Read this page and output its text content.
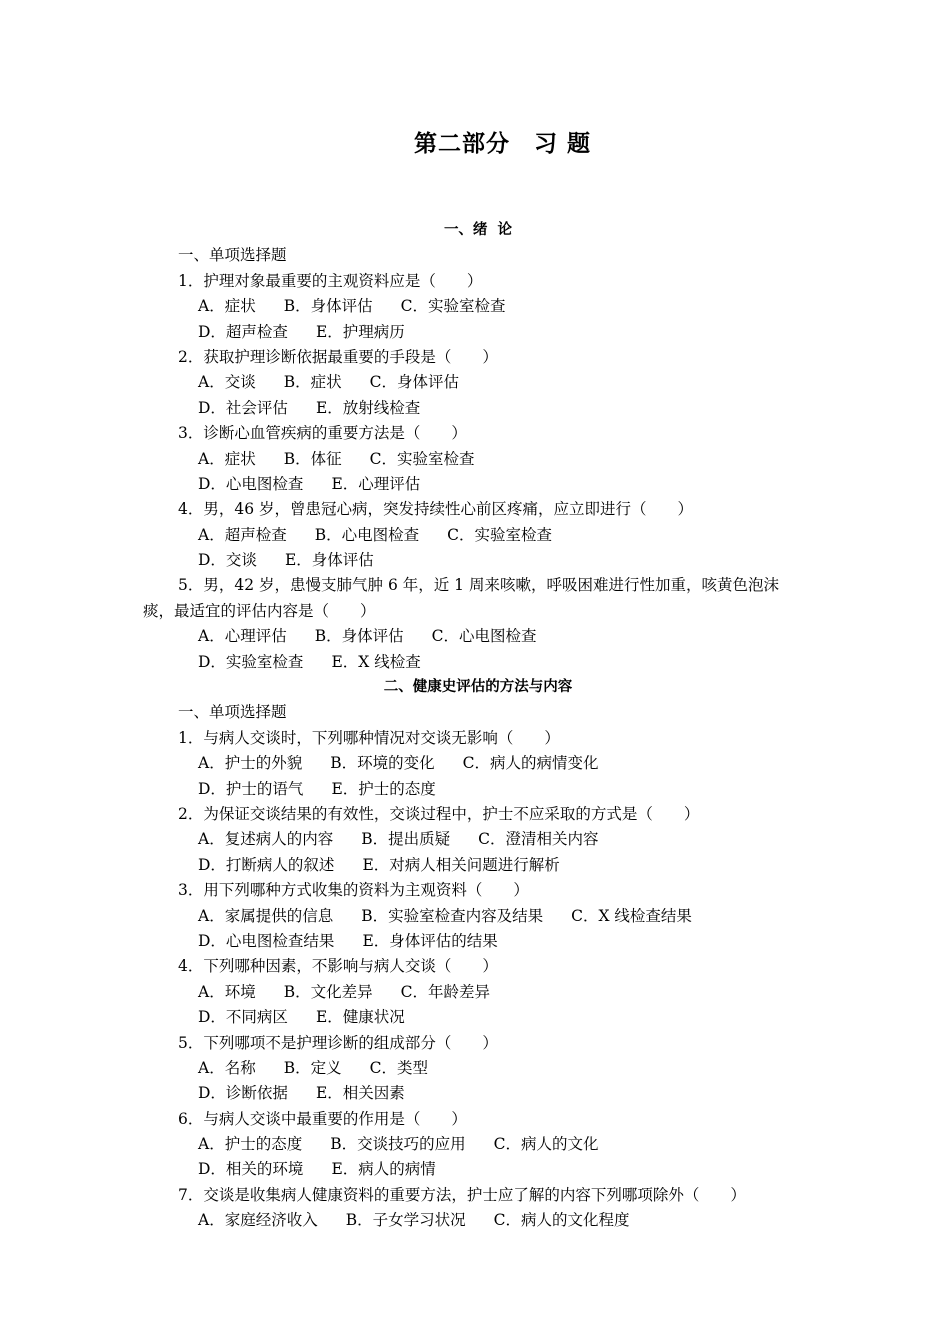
第二部分　习 题
一、绪  论
一、单项选择题
1．护理对象最重要的主观资料应是（　　）
A．症状 B．身体评估 C．实验室检查
D．超声检查 E．护理病历
2．获取护理诊断依据最重要的手段是（　　）
A．交谈 B．症状 C．身体评估
D．社会评估 E．放射线检查
3．诊断心血管疾病的重要方法是（　　）
A．症状 B．体征 C．实验室检查
D．心电图检查 E．心理评估
4．男，46 岁，曾患冠心病，突发持续性心前区疼痛，应立即进行（　　）
A．超声检查 B．心电图检查 C．实验室检查
D．交谈 E．身体评估
5．男，42 岁，患慢支肺气肿 6 年，近 1 周来咳嗽，呼吸困难进行性加重，咳黄色泡沫
痰，最适宜的评估内容是（　　）
A．心理评估 B．身体评估 C．心电图检查
D．实验室检查 E．X 线检查
二、健康史评估的方法与内容
一、单项选择题
1．与病人交谈时，下列哪种情况对交谈无影响（　　）
A．护士的外貌 B．环境的变化 C．病人的病情变化
D．护士的语气 E．护士的态度
2．为保证交谈结果的有效性，交谈过程中，护士不应采取的方式是（　　）
A．复述病人的内容 B．提出质疑 C．澄清相关内容
D．打断病人的叙述 E．对病人相关问题进行解析
3．用下列哪种方式收集的资料为主观资料（　　）
A．家属提供的信息 B．实验室检查内容及结果 C．X 线检查结果
D．心电图检查结果 E．身体评估的结果
4．下列哪种因素，不影响与病人交谈（　　）
A．环境 B．文化差异 C．年龄差异
D．不同病区 E．健康状况
5．下列哪项不是护理诊断的组成部分（　　）
A．名称 B．定义 C．类型
D．诊断依据 E．相关因素
6．与病人交谈中最重要的作用是（　　）
A．护士的态度 B．交谈技巧的应用 C．病人的文化
D．相关的环境 E．病人的病情
7．交谈是收集病人健康资料的重要方法，护士应了解的内容下列哪项除外（　　）
A．家庭经济收入 B．子女学习状况 C．病人的文化程度
